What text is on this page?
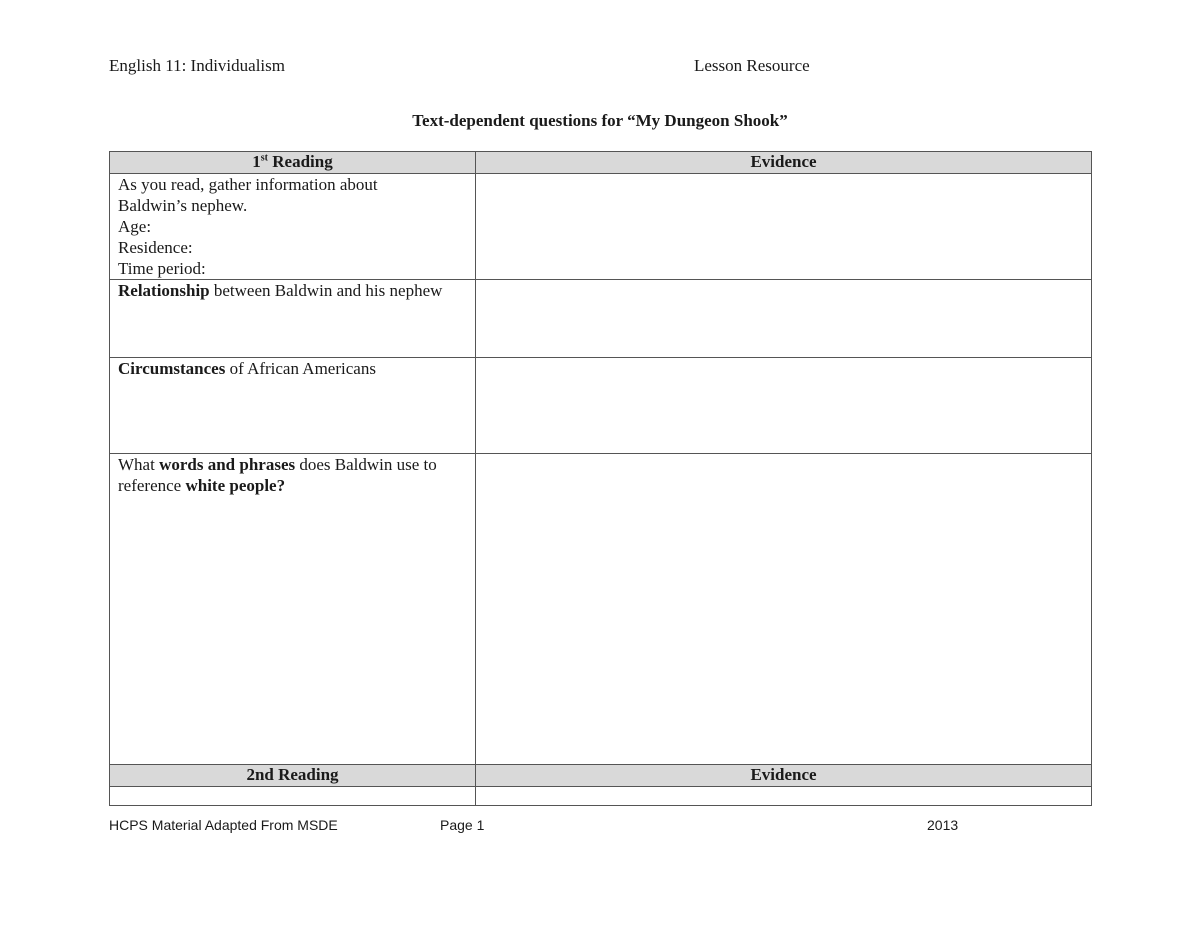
English 11: Individualism	Lesson Resource
Text-dependent questions for “My Dungeon Shook”
1st Reading	Evidence

As you read, gather information about
Baldwin’s nephew.
Age:
Residence:
Time period:	

Relationship between Baldwin and his nephew	
Circumstances of African Americans	
What words and phrases does Baldwin use to reference white people?	
2nd Reading	Evidence

HCPS Material Adapted From MSDE	Page 1	2013
